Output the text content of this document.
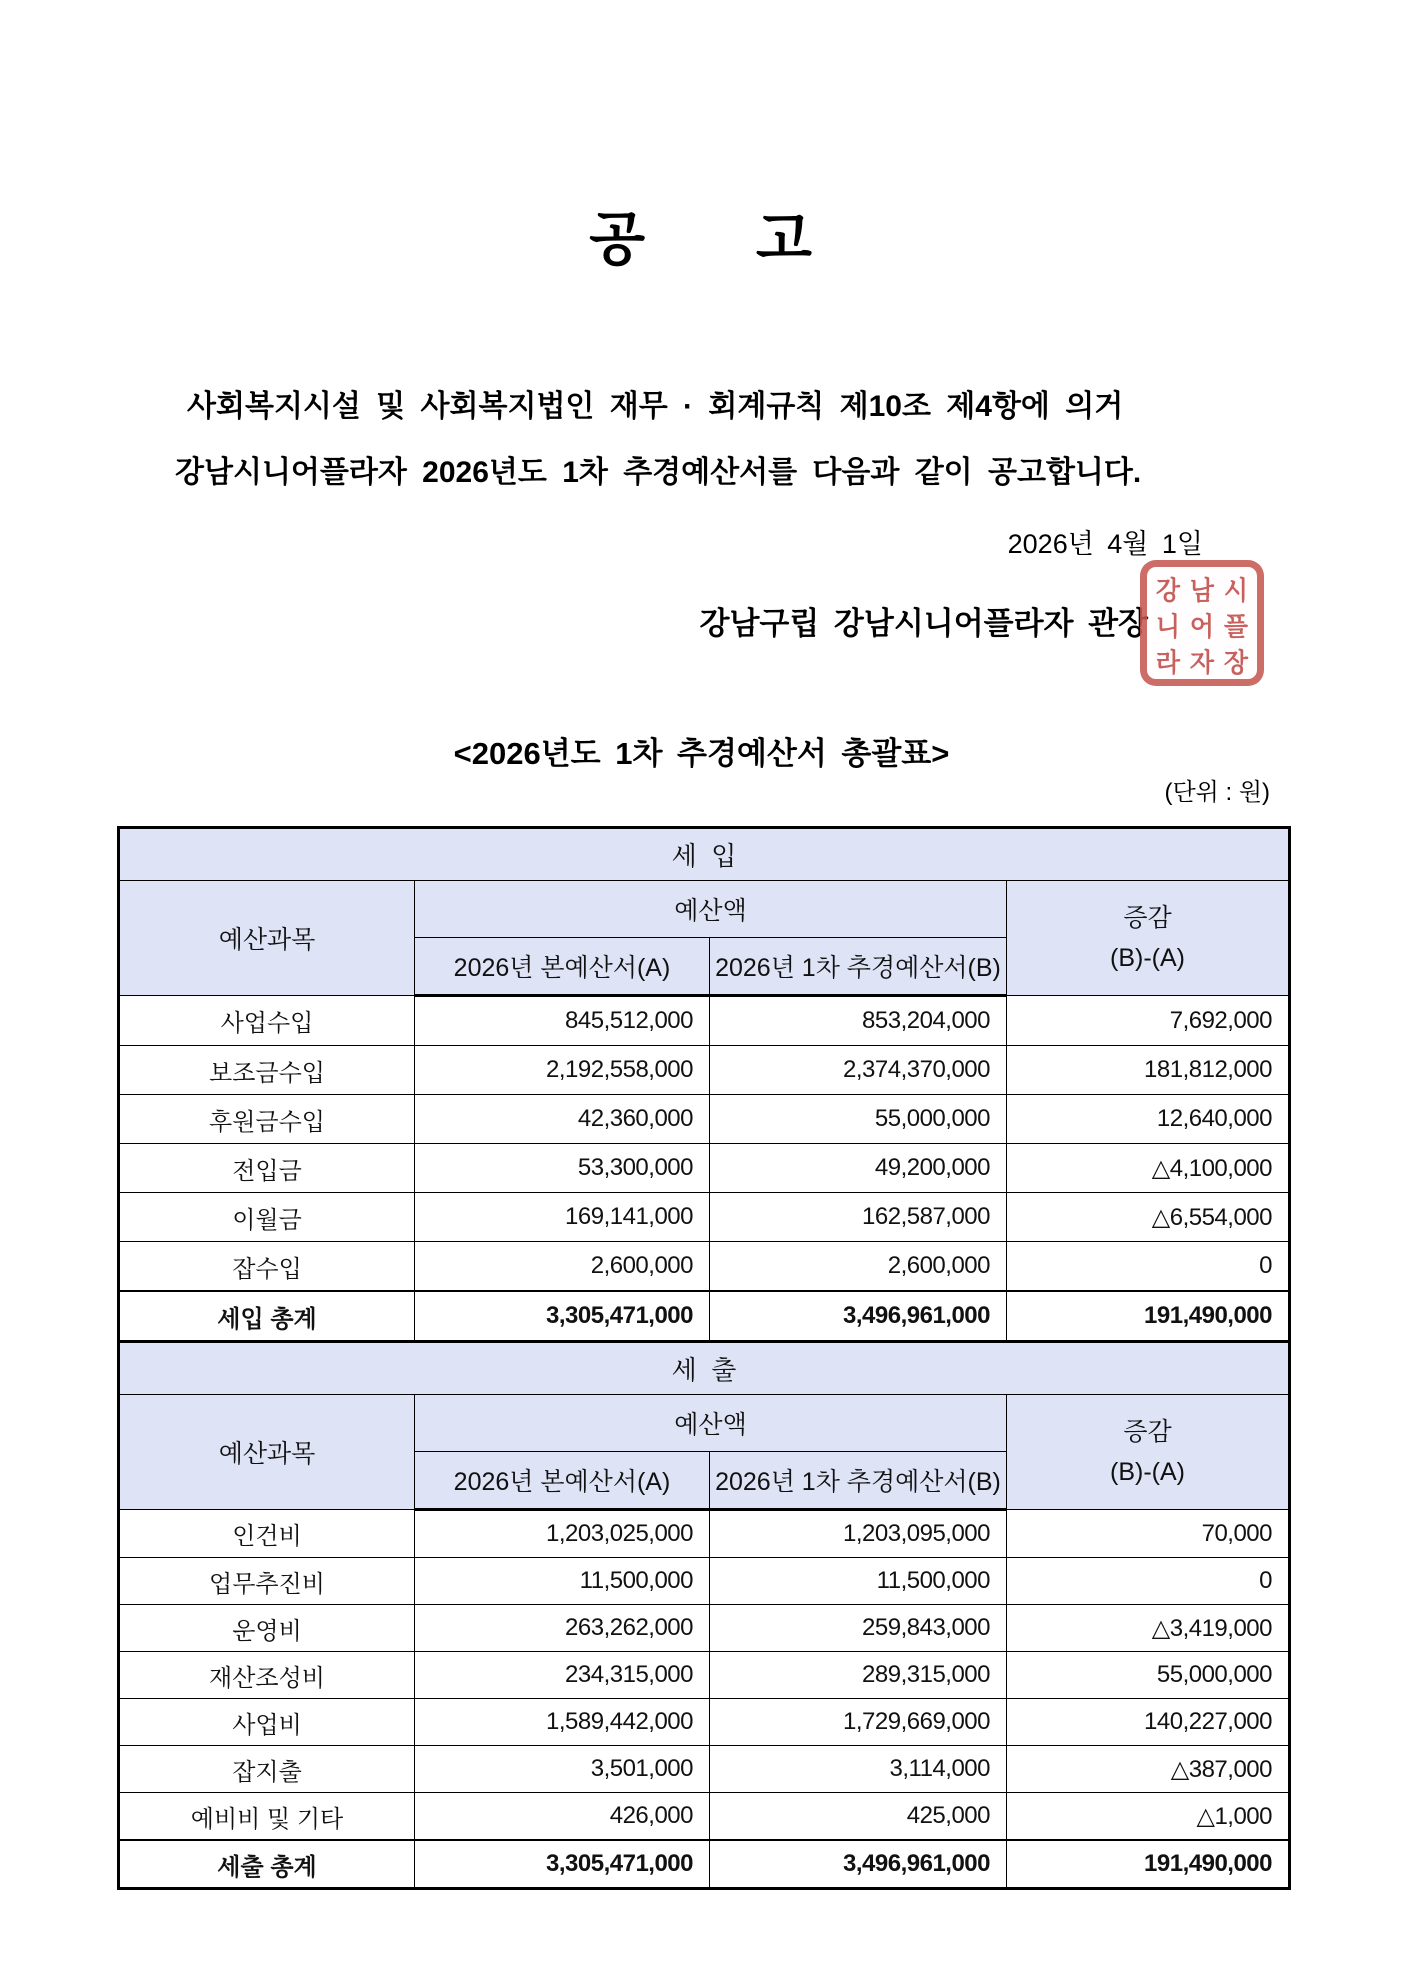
공      고
사회복지시설 및 사회복지법인 재무 · 회계규칙 제10조 제4항에 의거
강남시니어플라자 2026년도 1차 추경예산서를 다음과 같이 공고합니다.
2026년 4월 1일
강남구립 강남시니어플라자 관장
강 남 시
니 어 플
라 자 장
<2026년도 1차 추경예산서 총괄표>
(단위 : 원)
세  입			
예산과목	예산액		증감
(B)-(A)

	2026년 본예산서(A)	2026년 1차 추경예산서(B)	
사업수입	845,512,000	853,204,000	7,692,000
보조금수입	2,192,558,000	2,374,370,000	181,812,000
후원금수입	42,360,000	55,000,000	12,640,000
전입금	53,300,000	49,200,000	△4,100,000
이월금	169,141,000	162,587,000	△6,554,000
잡수입	2,600,000	2,600,000	0
세입 총계	3,305,471,000	3,496,961,000	191,490,000
세  출			
예산과목	예산액		증감
(B)-(A)

	2026년 본예산서(A)	2026년 1차 추경예산서(B)	
인건비	1,203,025,000	1,203,095,000	70,000
업무추진비	11,500,000	11,500,000	0
운영비	263,262,000	259,843,000	△3,419,000
재산조성비	234,315,000	289,315,000	55,000,000
사업비	1,589,442,000	1,729,669,000	140,227,000
잡지출	3,501,000	3,114,000	△387,000
예비비 및 기타	426,000	425,000	△1,000
세출 총계	3,305,471,000	3,496,961,000	191,490,000
